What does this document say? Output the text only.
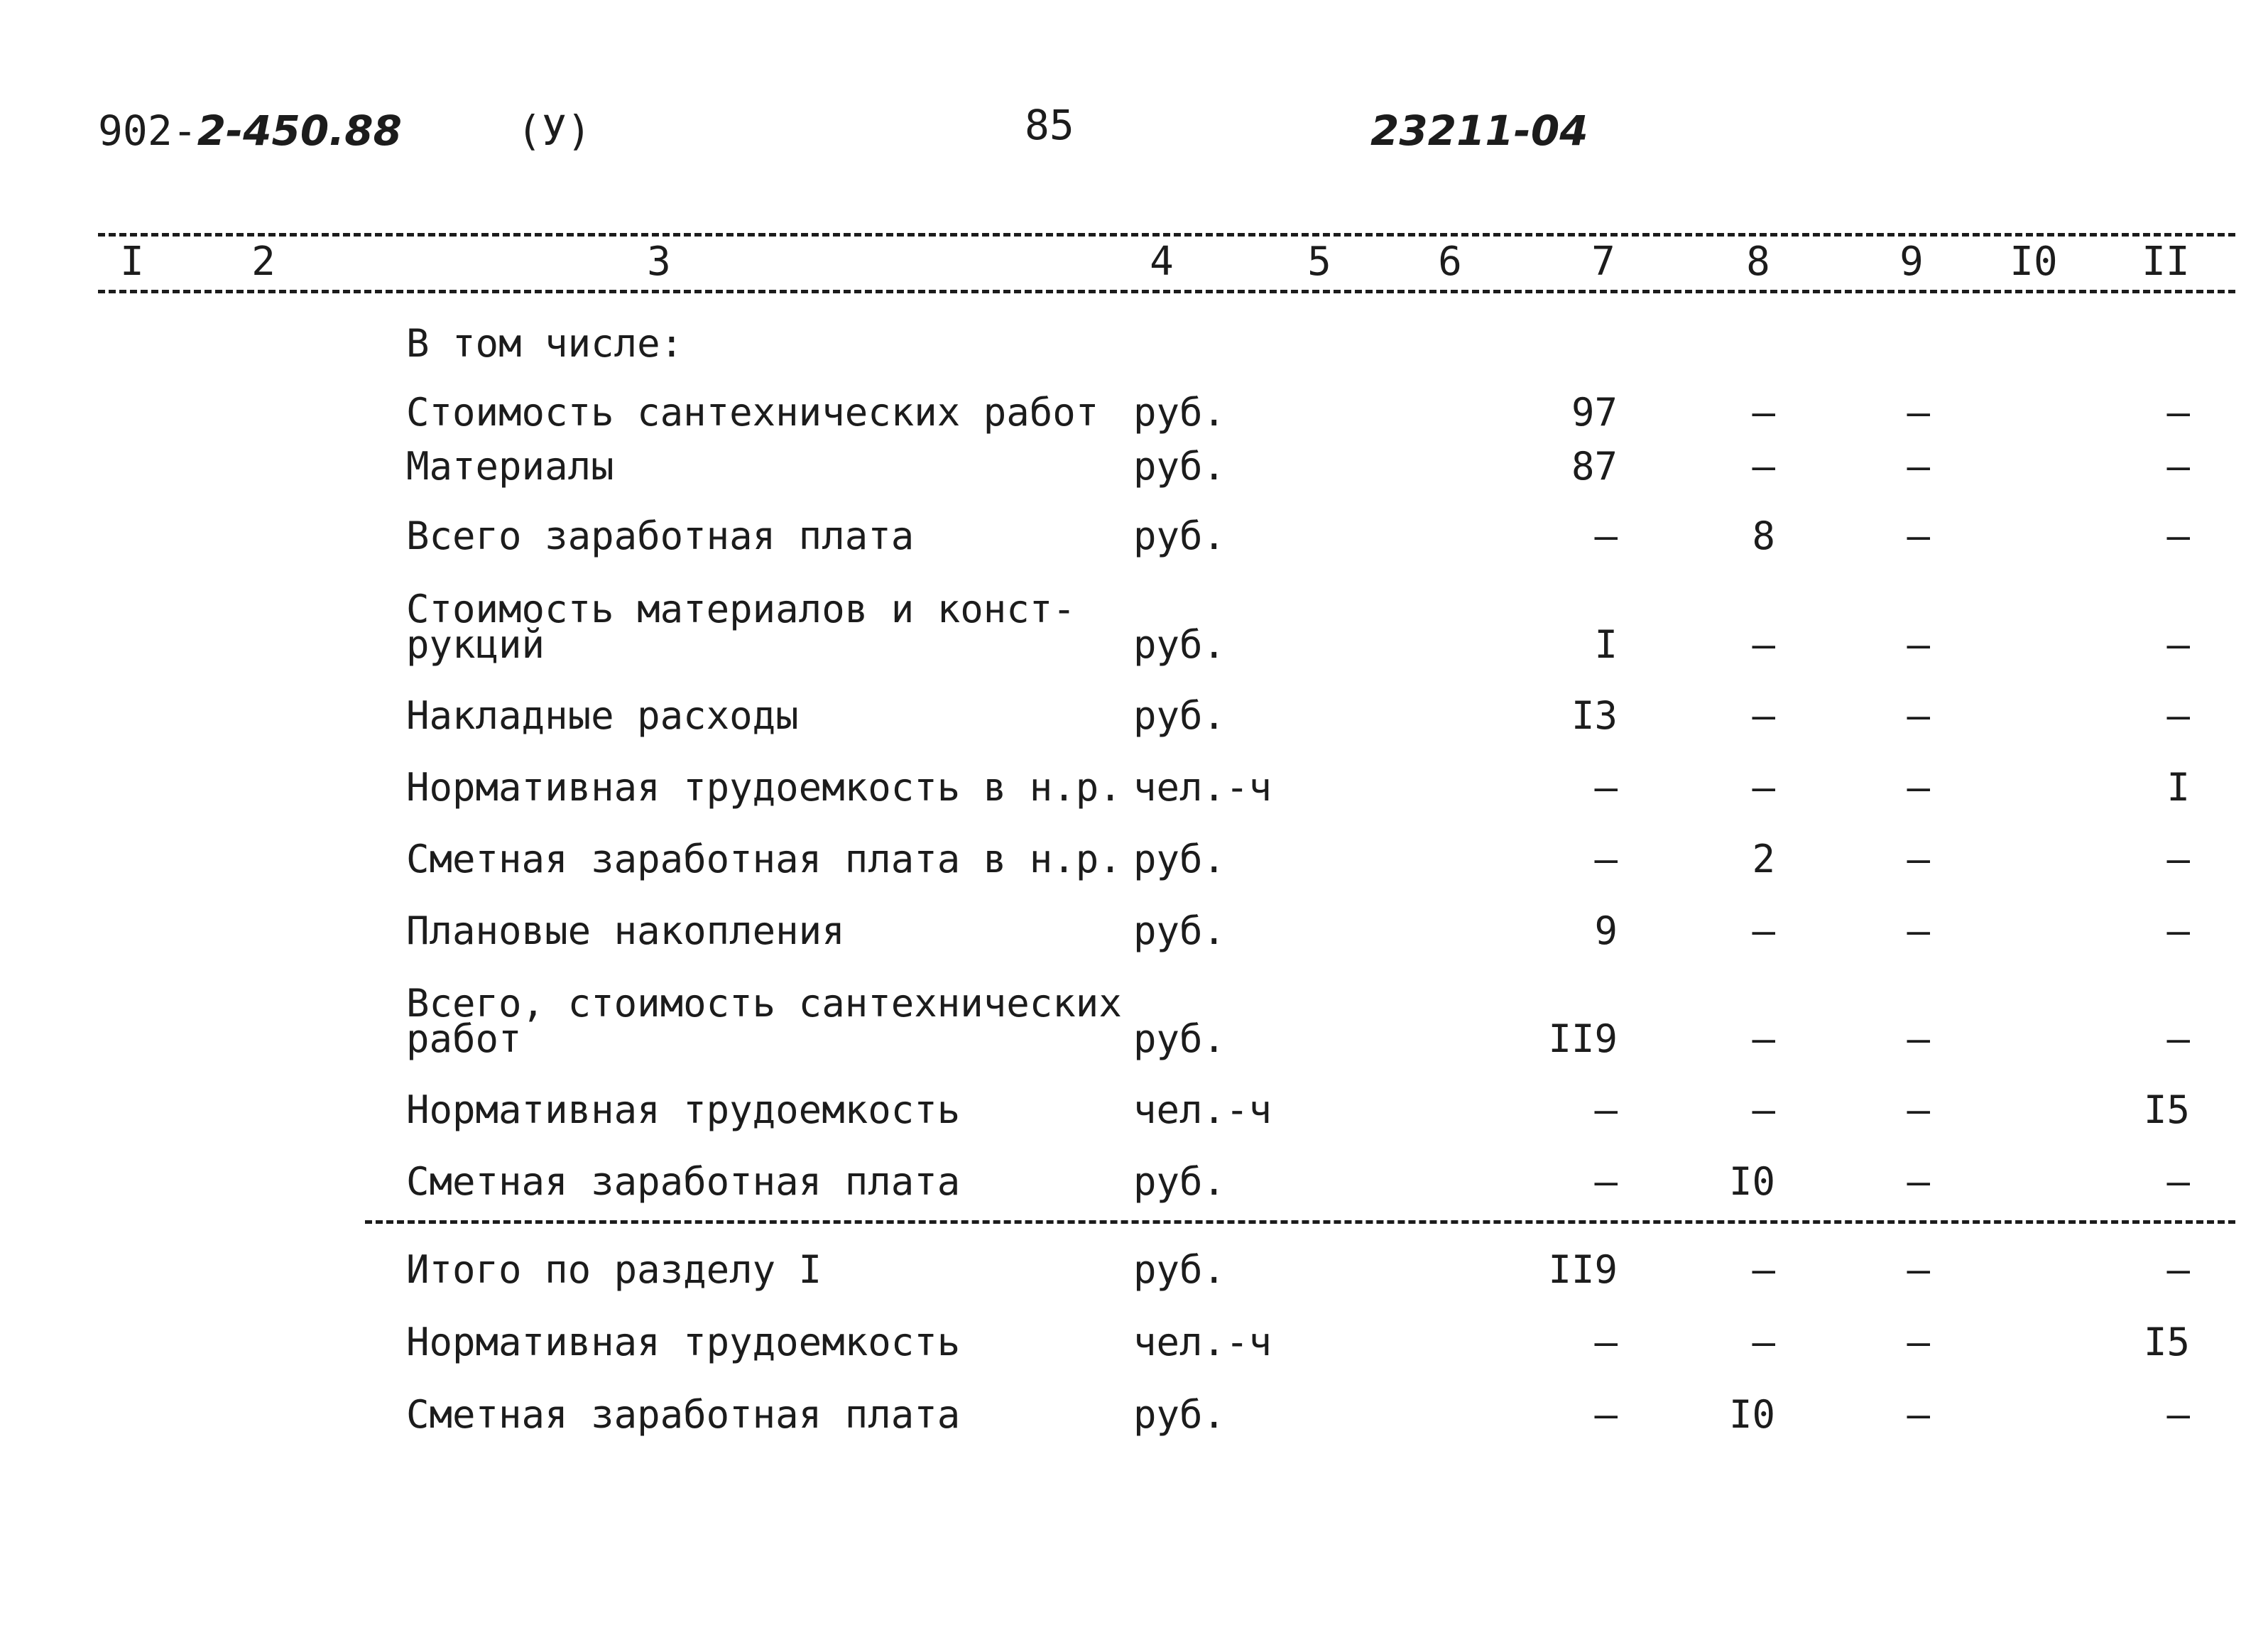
902-2-450.88	(У)	85	23211-04
I	2	3	4	5	6	7	8	9 I0 II
В том числе:
Стоимость сантехнических работ руб.	97	–	–	–
Материалы	руб.	87	–	–	–
Всего заработная плата	руб.	–	8	–	–
Стоимость материалов и конст-
рукций	руб.	I	–	–	–
Накладные расходы	руб.	I3	–	–	–
Нормативная трудоемкость в н.р. чел.-ч	–	–	–	I
Сметная заработная плата в н.р. руб.	–	2	–	–
Плановые накопления	руб.	9	–	–	–
Всего, стоимость сантехнических
работ	руб.	II9	–	–	–
Нормативная трудоемкость	чел.-ч	–	–	–	I5
Сметная заработная плата	руб.	–	I0	–	–
Итого по разделу I	руб.	II9	–	–	–
Нормативная трудоемкость	чел.-ч	–	–	–	I5
Сметная заработная плата	руб.	–	I0	–	–
